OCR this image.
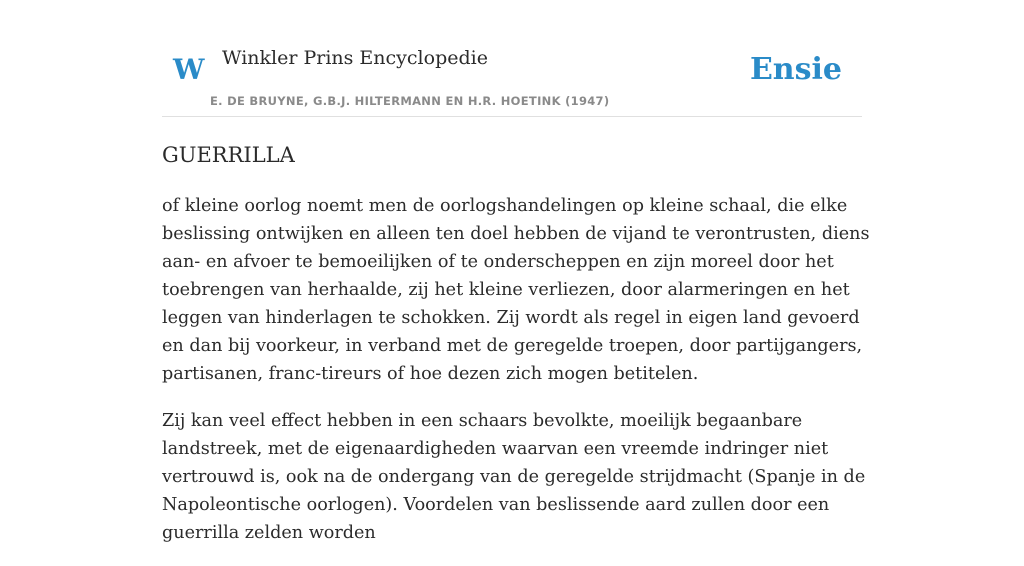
W Winkler Prins Encyclopedie
E. DE BRUYNE, G.B.J. HILTERMANN EN H.R. HOETINK (1947)
Ensie
GUERRILLA

of kleine oorlog noemt men de oorlogshandelingen op kleine schaal, die elke beslissing ontwijken en alleen ten doel hebben de vijand te verontrusten, diens aan- en afvoer te bemoeilijken of te onderscheppen en zijn moreel door het toebrengen van herhaalde, zij het kleine verliezen, door alarmeringen en het leggen van hinderlagen te schokken. Zij wordt als regel in eigen land gevoerd en dan bij voorkeur, in verband met de geregelde troepen, door partijgangers, partisanen, franc-tireurs of hoe dezen zich mogen betitelen.

Zij kan veel effect hebben in een schaars bevolkte, moeilijk begaanbare landstreek, met de eigenaardigheden waarvan een vreemde indringer niet vertrouwd is, ook na de ondergang van de geregelde strijdmacht (Spanje in de Napoleontische oorlogen). Voordelen van beslissende aard zullen door een guerrilla zelden worden
